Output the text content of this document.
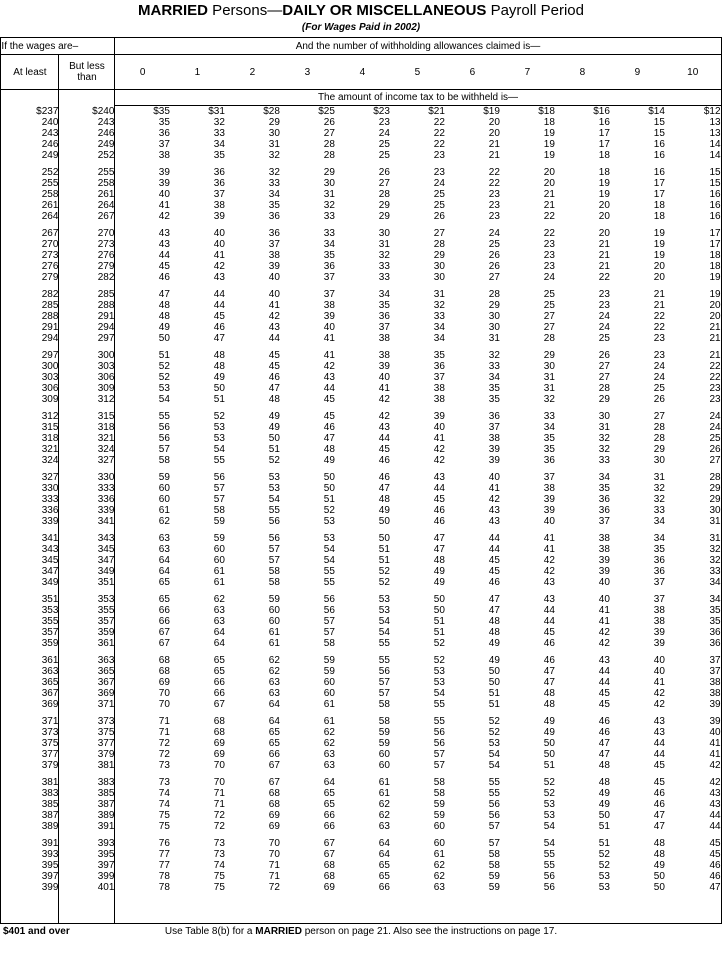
MARRIED Persons—DAILY OR MISCELLANEOUS Payroll Period
(For Wages Paid in 2002)
If the wages are–		And the number of withholding allowances claimed is—										
At least	But less than	0	1	2	3	4	5	6	7	8	9	10
		The amount of income tax to be withheld is—										
$237	$240	$35	$31	$28	$25	$23	$21	$19	$18	$16	$14	$12
240	243	35	32	29	26	23	22	20	18	16	15	13
243	246	36	33	30	27	24	22	20	19	17	15	13
246	249	37	34	31	28	25	22	21	19	17	16	14
249	252	38	35	32	28	25	23	21	19	18	16	14

252	255	39	36	32	29	26	23	22	20	18	16	15
255	258	39	36	33	30	27	24	22	20	19	17	15
258	261	40	37	34	31	28	25	23	21	19	17	16
261	264	41	38	35	32	29	25	23	21	20	18	16
264	267	42	39	36	33	29	26	23	22	20	18	16

267	270	43	40	36	33	30	27	24	22	20	19	17
270	273	43	40	37	34	31	28	25	23	21	19	17
273	276	44	41	38	35	32	29	26	23	21	19	18
276	279	45	42	39	36	33	30	26	23	21	20	18
279	282	46	43	40	37	33	30	27	24	22	20	19

282	285	47	44	40	37	34	31	28	25	23	21	19
285	288	48	44	41	38	35	32	29	25	23	21	20
288	291	48	45	42	39	36	33	30	27	24	22	20
291	294	49	46	43	40	37	34	30	27	24	22	21
294	297	50	47	44	41	38	34	31	28	25	23	21

297	300	51	48	45	41	38	35	32	29	26	23	21
300	303	52	48	45	42	39	36	33	30	27	24	22
303	306	52	49	46	43	40	37	34	31	27	24	22
306	309	53	50	47	44	41	38	35	31	28	25	23
309	312	54	51	48	45	42	38	35	32	29	26	23

312	315	55	52	49	45	42	39	36	33	30	27	24
315	318	56	53	49	46	43	40	37	34	31	28	24
318	321	56	53	50	47	44	41	38	35	32	28	25
321	324	57	54	51	48	45	42	39	35	32	29	26
324	327	58	55	52	49	46	42	39	36	33	30	27

327	330	59	56	53	50	46	43	40	37	34	31	28
330	333	60	57	53	50	47	44	41	38	35	32	29
333	336	60	57	54	51	48	45	42	39	36	32	29
336	339	61	58	55	52	49	46	43	39	36	33	30
339	341	62	59	56	53	50	46	43	40	37	34	31

341	343	63	59	56	53	50	47	44	41	38	34	31
343	345	63	60	57	54	51	47	44	41	38	35	32
345	347	64	60	57	54	51	48	45	42	39	36	32
347	349	64	61	58	55	52	49	45	42	39	36	33
349	351	65	61	58	55	52	49	46	43	40	37	34

351	353	65	62	59	56	53	50	47	43	40	37	34
353	355	66	63	60	56	53	50	47	44	41	38	35
355	357	66	63	60	57	54	51	48	44	41	38	35
357	359	67	64	61	57	54	51	48	45	42	39	36
359	361	67	64	61	58	55	52	49	46	42	39	36

361	363	68	65	62	59	55	52	49	46	43	40	37
363	365	68	65	62	59	56	53	50	47	44	40	37
365	367	69	66	63	60	57	53	50	47	44	41	38
367	369	70	66	63	60	57	54	51	48	45	42	38
369	371	70	67	64	61	58	55	51	48	45	42	39

371	373	71	68	64	61	58	55	52	49	46	43	39
373	375	71	68	65	62	59	56	52	49	46	43	40
375	377	72	69	65	62	59	56	53	50	47	44	41
377	379	72	69	66	63	60	57	54	50	47	44	41
379	381	73	70	67	63	60	57	54	51	48	45	42

381	383	73	70	67	64	61	58	55	52	48	45	42
383	385	74	71	68	65	61	58	55	52	49	46	43
385	387	74	71	68	65	62	59	56	53	49	46	43
387	389	75	72	69	66	62	59	56	53	50	47	44
389	391	75	72	69	66	63	60	57	54	51	47	44

391	393	76	73	70	67	64	60	57	54	51	48	45
393	395	77	73	70	67	64	61	58	55	52	48	45
395	397	77	74	71	68	65	62	58	55	52	49	46
397	399	78	75	71	68	65	62	59	56	53	50	46
399	401	78	75	72	69	66	63	59	56	53	50	47

$401 and over	Use Table 8(b) for a MARRIED person on page 21. Also see the instructions on page 17.
